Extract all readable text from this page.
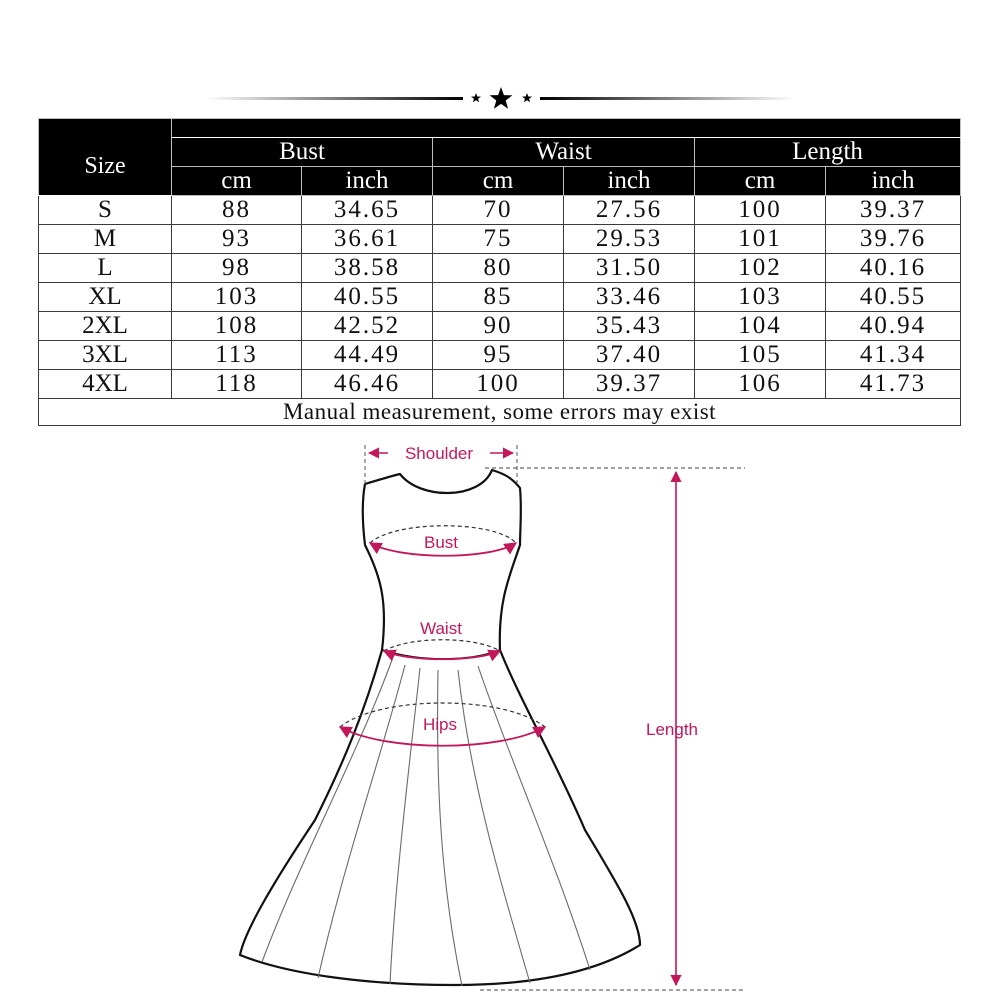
Size						
	Bust		Waist		Length	
	cm	inch	cm	inch	cm	inch
S	88	34.65	70	27.56	100	39.37
M	93	36.61	75	29.53	101	39.76
L	98	38.58	80	31.50	102	40.16
XL	103	40.55	85	33.46	103	40.55
2XL	108	42.52	90	35.43	104	40.94
3XL	113	44.49	95	37.40	105	41.34
4XL	118	46.46	100	39.37	106	41.73
Manual measurement, some errors may exist						
Shoulder
Bust
Waist
Hips	Length
